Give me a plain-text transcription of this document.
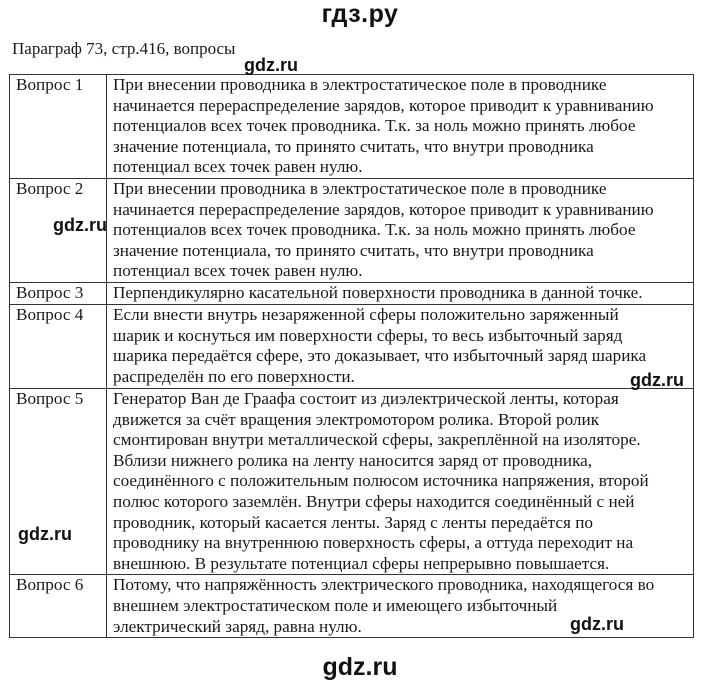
гдз.ру
Параграф 73, стр.416, вопросы
Вопрос 1	При внесении проводника в электростатическое поле в проводнике
начинается перераспределение зарядов, которое приводит к уравниванию
потенциалов всех точек проводника. Т.к. за ноль можно принять любое
значение потенциала, то принято считать, что внутри проводника
потенциал всех точек равен нулю.

Вопрос 2	При внесении проводника в электростатическое поле в проводнике
начинается перераспределение зарядов, которое приводит к уравниванию
потенциалов всех точек проводника. Т.к. за ноль можно принять любое
значение потенциала, то принято считать, что внутри проводника
потенциал всех точек равен нулю.

Вопрос 3	Перпендикулярно касательной поверхности проводника в данной точке.

Вопрос 4	Если внести внутрь незаряженной сферы положительно заряженный
шарик и коснуться им поверхности сферы, то весь избыточный заряд
шарика передаётся сфере, это доказывает, что избыточный заряд шарика
распределён по его поверхности.

Вопрос 5	Генератор Ван де Граафа состоит из диэлектрической ленты, которая
движется за счёт вращения электромотором ролика. Второй ролик
смонтирован внутри металлической сферы, закреплённой на изоляторе.
Вблизи нижнего ролика на ленту наносится заряд от проводника,
соединённого с положительным полюсом источника напряжения, второй
полюс которого заземлён. Внутри сферы находится соединённый с ней
проводник, который касается ленты. Заряд с ленты передаётся по
проводнику на внутреннюю поверхность сферы, а оттуда переходит на
внешнюю. В результате потенциал сферы непрерывно повышается.

Вопрос 6	Потому, что напряжённость электрического проводника, находящегося во
внешнем электростатическом поле и имеющего избыточный
электрический заряд, равна нулю.
gdz.ru
gdz.ru
gdz.ru
gdz.ru
gdz.ru
gdz.ru
